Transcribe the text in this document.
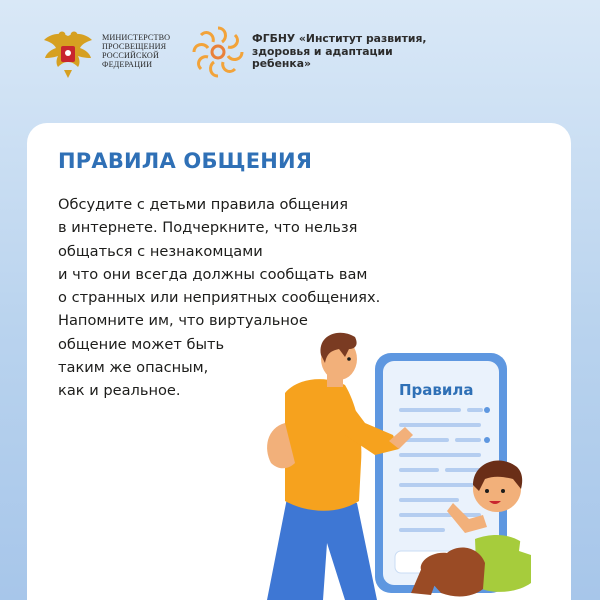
МИНИСТЕРСТВО
ПРОСВЕЩЕНИЯ
РОССИЙСКОЙ
ФЕДЕРАЦИИ
ФГБНУ «Институт развития,
здоровья и адаптации
ребенка»
ПРАВИЛА ОБЩЕНИЯ
Обсудите с детьми правила общения
в интернете. Подчеркните, что нельзя
общаться с незнакомцами
и что они всегда должны сообщать вам
о странных или неприятных сообщениях.
Напомните им, что виртуальное
общение может быть
таким же опасным,
как и реальное.	Правила
